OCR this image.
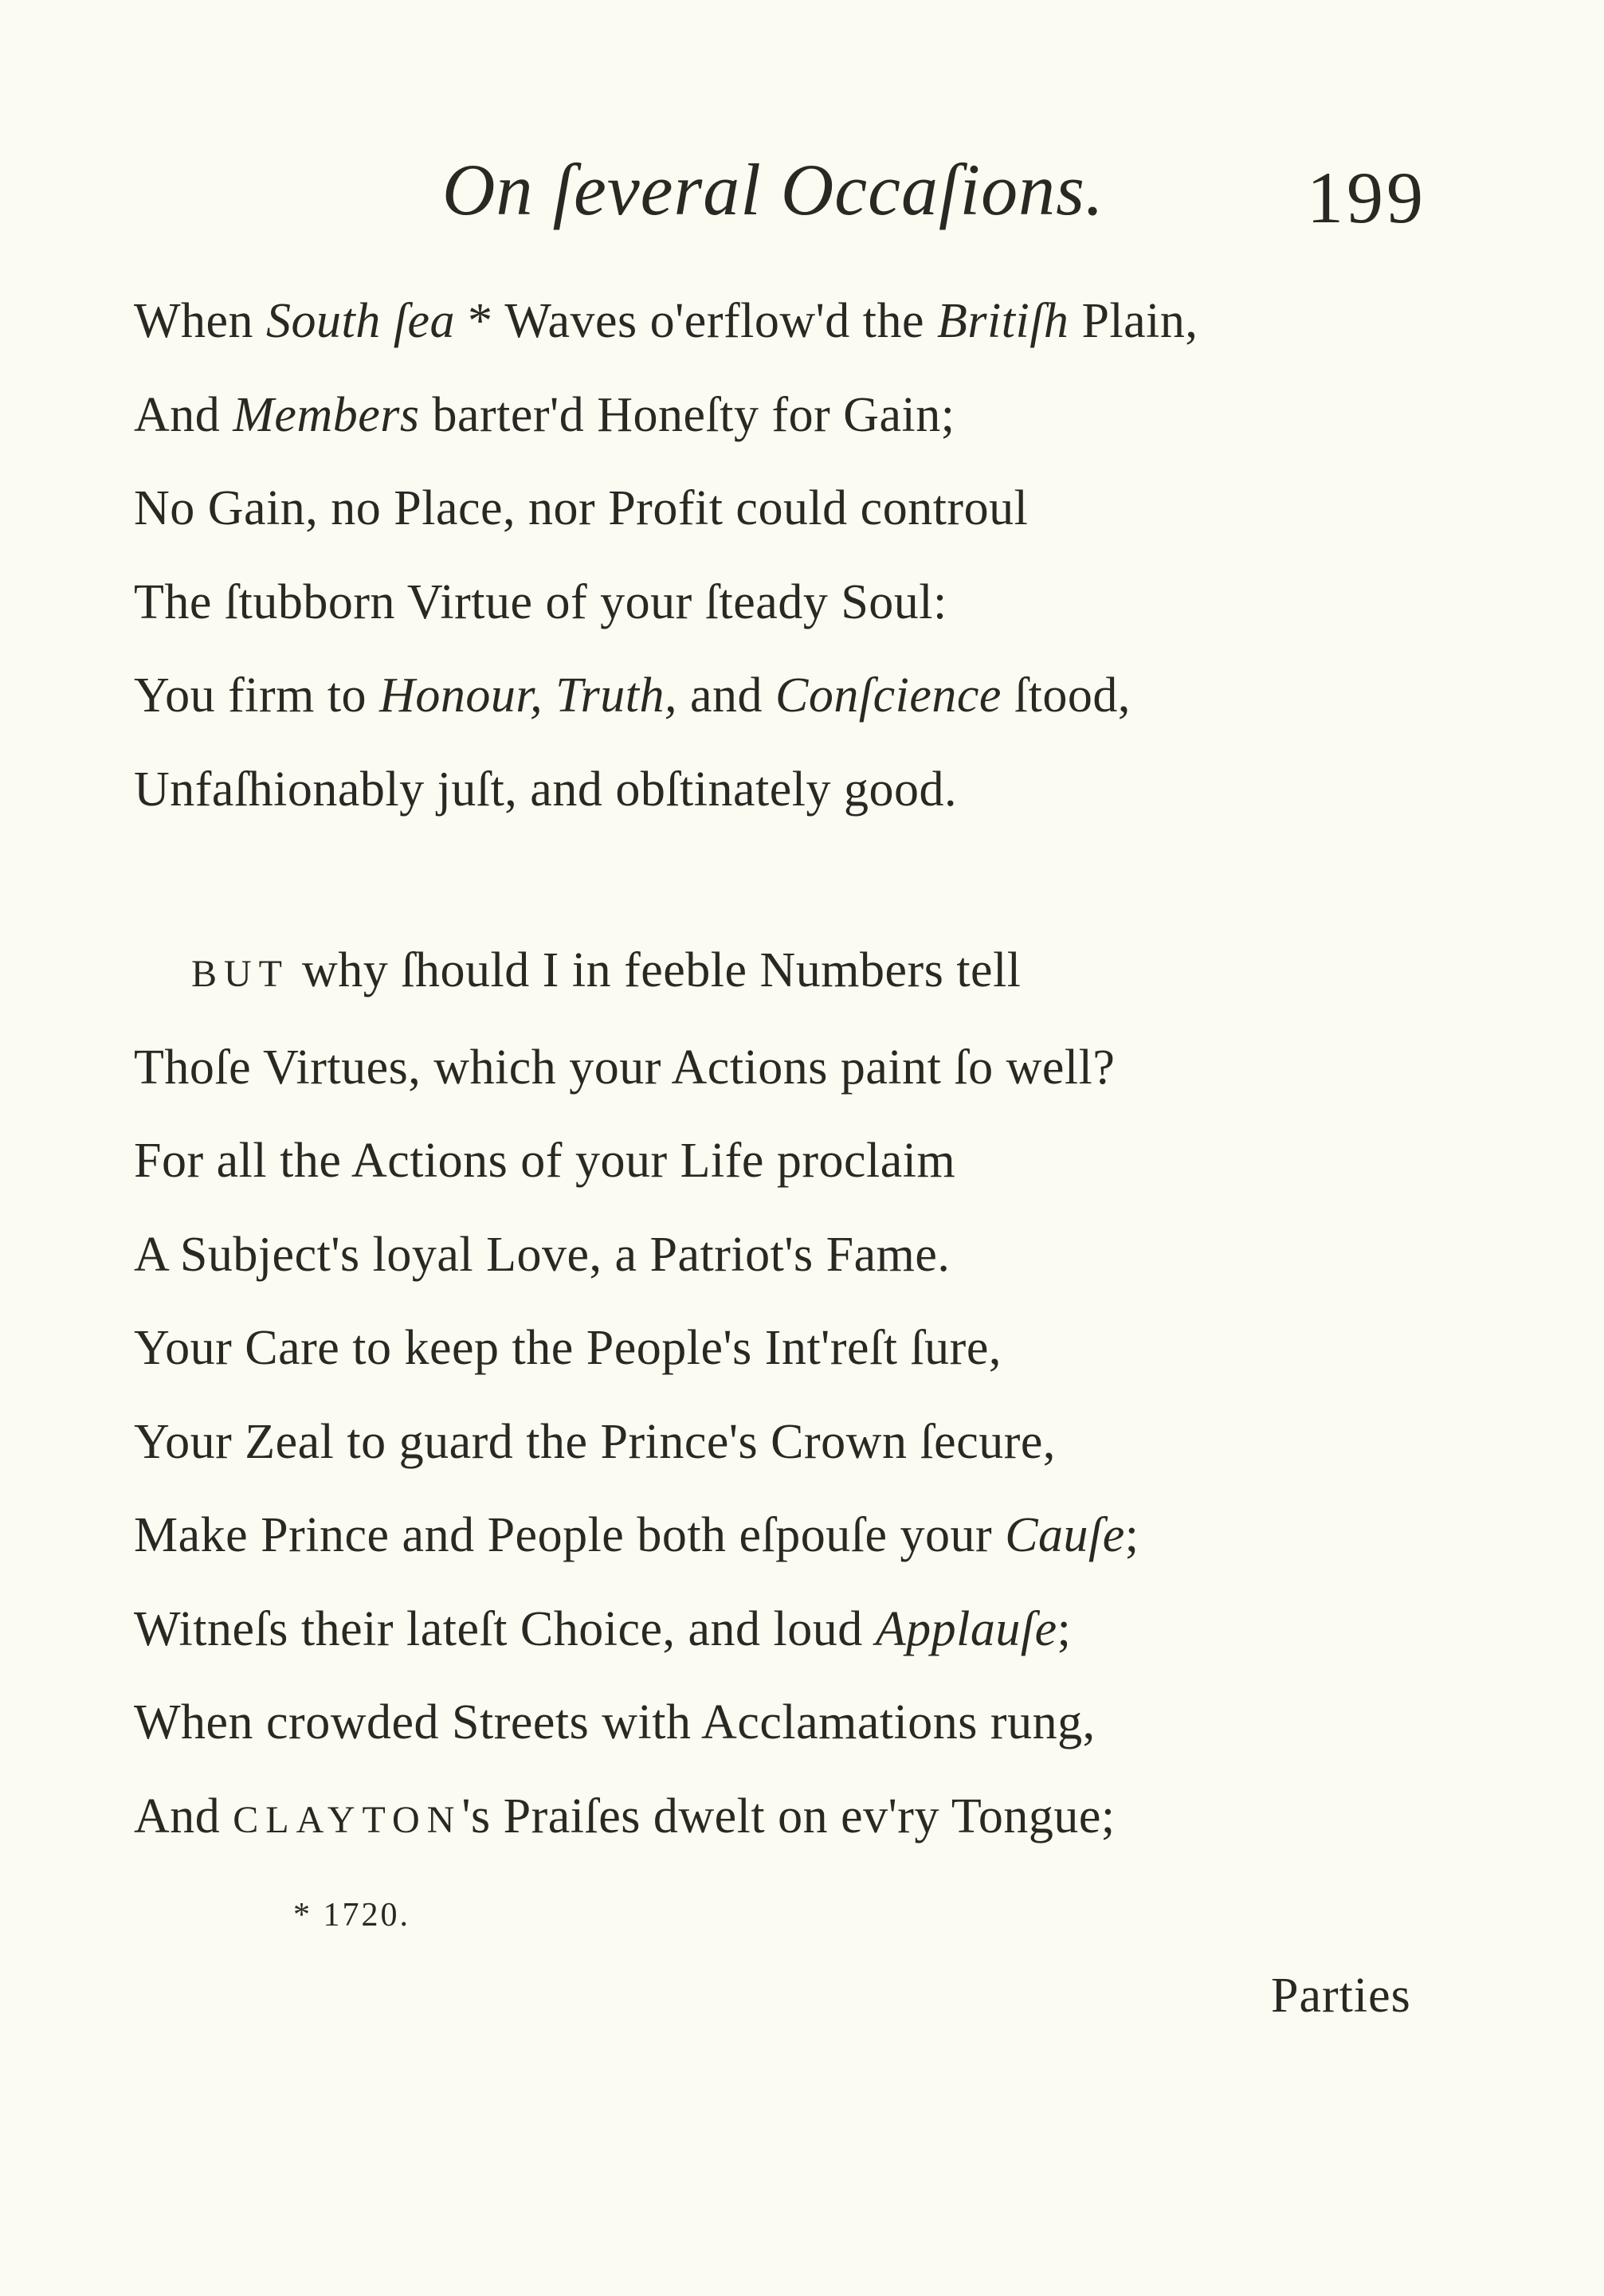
On ſeveral Occaſions.	199
When South ſea * Waves o'erflow'd the Britiſh Plain,
And Members barter'd Honeſty for Gain;
No Gain, no Place, nor Profit could controul
The ſtubborn Virtue of your ſteady Soul:
You firm to Honour, Truth, and Conſcience ſtood,
Unfaſhionably juſt, and obſtinately good.
BUT why ſhould I in feeble Numbers tell
Thoſe Virtues, which your Actions paint ſo well?
For all the Actions of your Life proclaim
A Subject's loyal Love, a Patriot's Fame.
Your Care to keep the People's Int'reſt ſure,
Your Zeal to guard the Prince's Crown ſecure,
Make Prince and People both eſpouſe your Cauſe;
Witneſs their lateſt Choice, and loud Applauſe;
When crowded Streets with Acclamations rung,
And CLAYTON's Praiſes dwelt on ev'ry Tongue;
* 1720.
Parties
